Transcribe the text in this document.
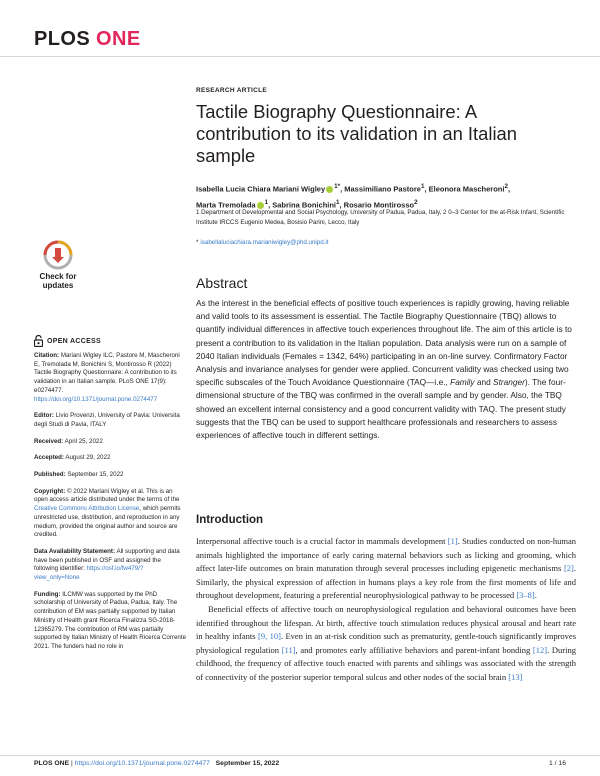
PLOS ONE
Check for
updates
OPEN ACCESS
Citation: Mariani Wigley ILC, Pastore M, Mascheroni E, Tremolada M, Bonichini S, Montirosso R (2022) Tactile Biography Questionnaire: A contribution to its validation in an Italian sample. PLoS ONE 17(9): e0274477. https://doi.org/10.1371/journal.pone.0274477
Editor: Livio Provenzi, University of Pavia: Universita degli Studi di Pavia, ITALY
Received: April 25, 2022
Accepted: August 29, 2022
Published: September 15, 2022
Copyright: © 2022 Mariani Wigley et al. This is an open access article distributed under the terms of the Creative Commons Attribution License, which permits unrestricted use, distribution, and reproduction in any medium, provided the original author and source are credited.
Data Availability Statement: All supporting and data have been published in OSF and assigned the following identifier: https://osf.io/fw479/?view_only=None
Funding: ILCMW was supported by the PhD scholarship of University of Padua, Padua, Italy. The contribution of EM was partially supported by Italian Ministry of Health grant Ricerca Finalizza SG-2018-12365279. The contribution of RM was partially supported by Italian Ministry of Health Ricerca Corrente 2021. The funders had no role in
RESEARCH ARTICLE
Tactile Biography Questionnaire: A contribution to its validation in an Italian sample
Isabella Lucia Chiara Mariani Wigley $^{1*}$, Massimiliano Pastore$^1$, Eleonora Mascheroni$^2$,
Marta Tremolada $^1$, Sabrina Bonichini$^1$, Rosario Montirosso$^2$
1 Department of Developmental and Social Psychology, University of Padua, Padua, Italy, 2 0–3 Center for the at-Risk Infant, Scientific Institute IRCCS Eugenio Medea, Bosisio Parini, Lecco, Italy
* isabellaluciachiara.marianiwigley@phd.unipd.it
Abstract
As the interest in the beneficial effects of positive touch experiences is rapidly growing, having reliable and valid tools to its assessment is essential. The Tactile Biography Questionnaire (TBQ) allows to quantify individual differences in affective touch experiences throughout life. The aim of this article is to present a contribution to its validation in the Italian population. Data analysis were run on a sample of 2040 Italian individuals (Females = 1342, 64%) participating in an on-line survey. Confirmatory Factor Analysis and invariance analyses for gender were applied. Concurrent validity was checked using two specific subscales of the Touch Avoidance Questionnaire (TAQ—i.e., Family and Stranger). The four-dimensional structure of the TBQ was confirmed in the overall sample and by gender. Also, the TBQ showed an excellent internal consistency and a good concurrent validity with TAQ. The present study suggests that the TBQ can be used to support healthcare professionals and researchers to assess experiences of affective touch in different settings.
Introduction

Interpersonal affective touch is a crucial factor in mammals development [1]. Studies conducted on non-human animals highlighted the importance of early caring maternal behaviors such as licking and grooming, which affect later-life outcomes on brain maturation through several processes including epigenetic mechanisms [2]. Similarly, the physical expression of affection in humans plays a key role from the first moments of life and throughout development, featuring a preferential neurophysiological pathway to be processed [3–8].

Beneficial effects of affective touch on neurophysiological regulation and behavioral outcomes have been identified throughout the lifespan. At birth, affective touch stimulation reduces physical arousal and heart rate in healthy infants [9, 10]. Even in an at-risk condition such as prematurity, gentle-touch significantly improves physiological regulation [11], and promotes early affiliative behaviors and parent-infant bonding [12]. During childhood, the frequency of affective touch enacted with parents and siblings was associated with the strength of connectivity of the posterior superior temporal sulcus and other nodes of the social brain [13]

PLOS ONE | https://doi.org/10.1371/journal.pone.0274477 September 15, 2022	1 / 16
